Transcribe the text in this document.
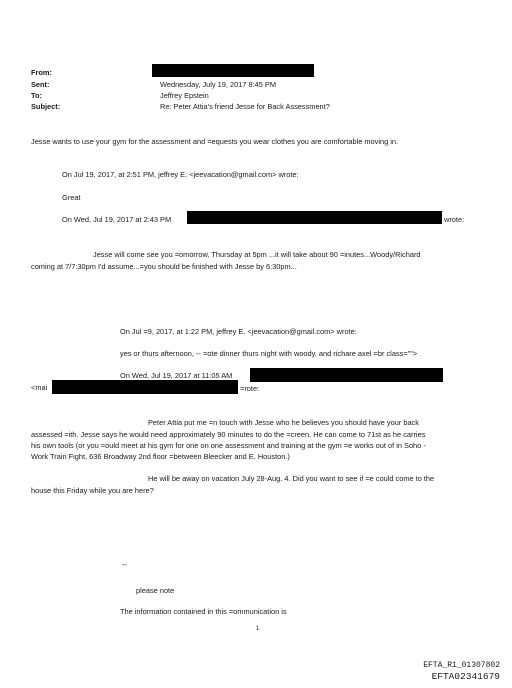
From:
Sent:	Wednesday, July 19, 2017 8:45 PM
To:	Jeffrey Epstein
Subject:	Re: Peter Attia's friend Jesse for Back Assessment?
Jesse wants to use your gym for the assessment and =equests you wear clothes you are comfortable moving in.
On Jul 19, 2017, at 2:51 PM, jeffrey E. <jeevacation@gmail.com> wrote:
Great
On Wed, Jul 19, 2017 at 2:43 PM	wrote:
Jesse will come see you =omorrow, Thursday at 5pm ...it will take about 90 =inutes...Woody/Richard
coming at 7/7:30pm I'd assume...=you should be finished with Jesse by 6:30pm...
On Jul =9, 2017, at 1:22 PM, jeffrey E. <jeevacation@gmail.com> wrote:
yes or thurs afternoon, -- =ote dinner thurs night with woody. and richare axel =br class="">
On Wed, Jul 19, 2017 at 11:05 AM
<mai	=rote:
Peter Attia put me =n touch with Jesse who he believes you should have your back
assessed =ith. Jesse says he would need approximately 90 minutes to do the =creen. He can come to 71st as he carries
his own tools (or you =ould meet at his gym for one on one assessment and training at the gym =e works out of in Soho -
Work Train Fight, 636 Broadway 2nd floor =between Bleecker and E. Houston.)
He will be away on vacation July 28-Aug. 4. Did you want to see if =e could come to the
house this Friday while you are here?
--
please note
The information contained in this =ommunication is
1
EFTA_R1_01307802
EFTA02341679
